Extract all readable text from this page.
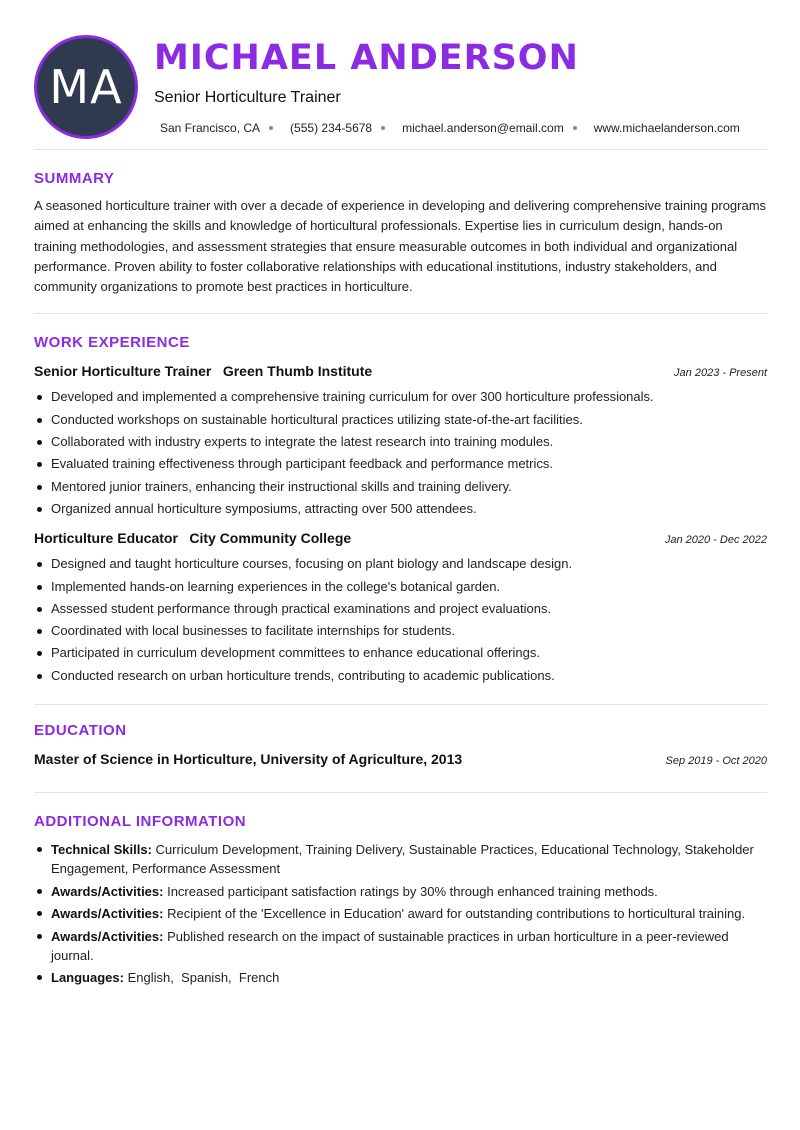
MA
MICHAEL ANDERSON
Senior Horticulture Trainer
San Francisco, CA	(555) 234-5678	michael.anderson@email.com	www.michaelanderson.com
SUMMARY

A seasoned horticulture trainer with over a decade of experience in developing and delivering comprehensive training programs aimed at enhancing the skills and knowledge of horticultural professionals. Expertise lies in curriculum design, hands-on training methodologies, and assessment strategies that ensure measurable outcomes in both individual and organizational performance. Proven ability to foster collaborative relationships with educational institutions, industry stakeholders, and community organizations to promote best practices in horticulture.

WORK EXPERIENCE
Senior Horticulture Trainer Green Thumb Institute	Jan 2023 - Present
Developed and implemented a comprehensive training curriculum for over 300 horticulture professionals.
Conducted workshops on sustainable horticultural practices utilizing state-of-the-art facilities.
Collaborated with industry experts to integrate the latest research into training modules.
Evaluated training effectiveness through participant feedback and performance metrics.
Mentored junior trainers, enhancing their instructional skills and training delivery.
Organized annual horticulture symposiums, attracting over 500 attendees.
Horticulture Educator City Community College	Jan 2020 - Dec 2022
Designed and taught horticulture courses, focusing on plant biology and landscape design.
Implemented hands-on learning experiences in the college's botanical garden.
Assessed student performance through practical examinations and project evaluations.
Coordinated with local businesses to facilitate internships for students.
Participated in curriculum development committees to enhance educational offerings.
Conducted research on urban horticulture trends, contributing to academic publications.
EDUCATION
Master of Science in Horticulture, University of Agriculture, 2013	Sep 2019 - Oct 2020
ADDITIONAL INFORMATION
Technical Skills: Curriculum Development, Training Delivery, Sustainable Practices, Educational Technology, Stakeholder Engagement, Performance Assessment
Awards/Activities: Increased participant satisfaction ratings by 30% through enhanced training methods.
Awards/Activities: Recipient of the 'Excellence in Education' award for outstanding contributions to horticultural training.
Awards/Activities: Published research on the impact of sustainable practices in urban horticulture in a peer-reviewed journal.
Languages: English,  Spanish,  French
